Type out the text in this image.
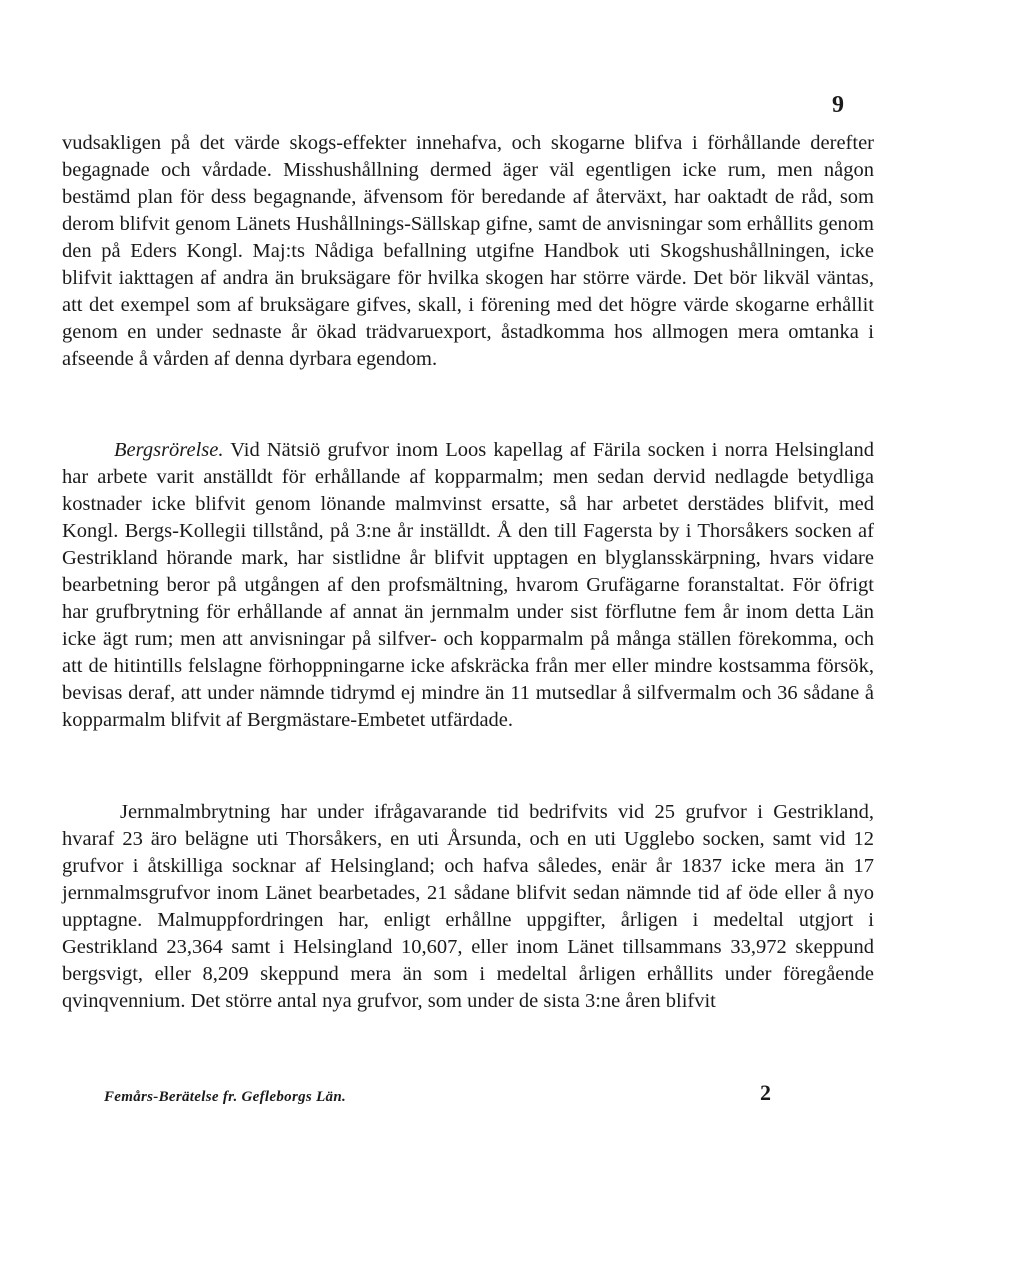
9

vudsakligen på det värde skogs-effekter innehafva, och skogarne blifva i förhållande derefter begagnade och vårdade. Misshushållning dermed äger väl egentligen icke rum, men någon bestämd plan för dess begagnande, äfvensom för beredande af återväxt, har oaktadt de råd, som derom blifvit genom Länets Hushållnings-Sällskap gifne, samt de anvisningar som erhållits genom den på Eders Kongl. Maj:ts Nådiga befallning utgifne Handbok uti Skogshushållningen, icke blifvit iakttagen af andra än bruksägare för hvilka skogen har större värde. Det bör likväl väntas, att det exempel som af bruksägare gifves, skall, i förening med det högre värde skogarne erhållit genom en under sednaste år ökad trädvaruexport, åstadkomma hos allmogen mera omtanka i afseende å vården af denna dyrbara egendom.

Bergsrörelse. Vid Nätsiö grufvor inom Loos kapellag af Färila socken i norra Helsingland har arbete varit anställdt för erhållande af kopparmalm; men sedan dervid nedlagde betydliga kostnader icke blifvit genom lönande malmvinst ersatte, så har arbetet derstädes blifvit, med Kongl. Bergs-Kollegii tillstånd, på 3:ne år inställdt. Å den till Fagersta by i Thorsåkers socken af Gestrikland hörande mark, har sistlidne år blifvit upptagen en blyglansskärpning, hvars vidare bearbetning beror på utgången af den profsmältning, hvarom Grufägarne foranstaltat. För öfrigt har grufbrytning för erhållande af annat än jernmalm under sist förflutne fem år inom detta Län icke ägt rum; men att anvisningar på silfver- och kopparmalm på många ställen förekomma, och att de hitintills felslagne förhoppningarne icke afskräcka från mer eller mindre kostsamma försök, bevisas deraf, att under nämnde tidrymd ej mindre än 11 mutsedlar å silfvermalm och 36 sådane å kopparmalm blifvit af Bergmästare-Embetet utfärdade.

Jernmalmbrytning har under ifrågavarande tid bedrifvits vid 25 grufvor i Gestrikland, hvaraf 23 äro belägne uti Thorsåkers, en uti Årsunda, och en uti Ugglebo socken, samt vid 12 grufvor i åtskilliga socknar af Helsingland; och hafva således, enär år 1837 icke mera än 17 jernmalmsgrufvor inom Länet bearbetades, 21 sådane blifvit sedan nämnde tid af öde eller å nyo upptagne. Malmuppfordringen har, enligt erhållne uppgifter, årligen i medeltal utgjort i Gestrikland 23,364 samt i Helsingland 10,607, eller inom Länet tillsammans 33,972 skeppund bergsvigt, eller 8,209 skeppund mera än som i medeltal årligen erhållits under föregående qvinqvennium. Det större antal nya grufvor, som under de sista 3:ne åren blifvit

Femårs-Berätelse fr. Gefleborgs Län.	2
